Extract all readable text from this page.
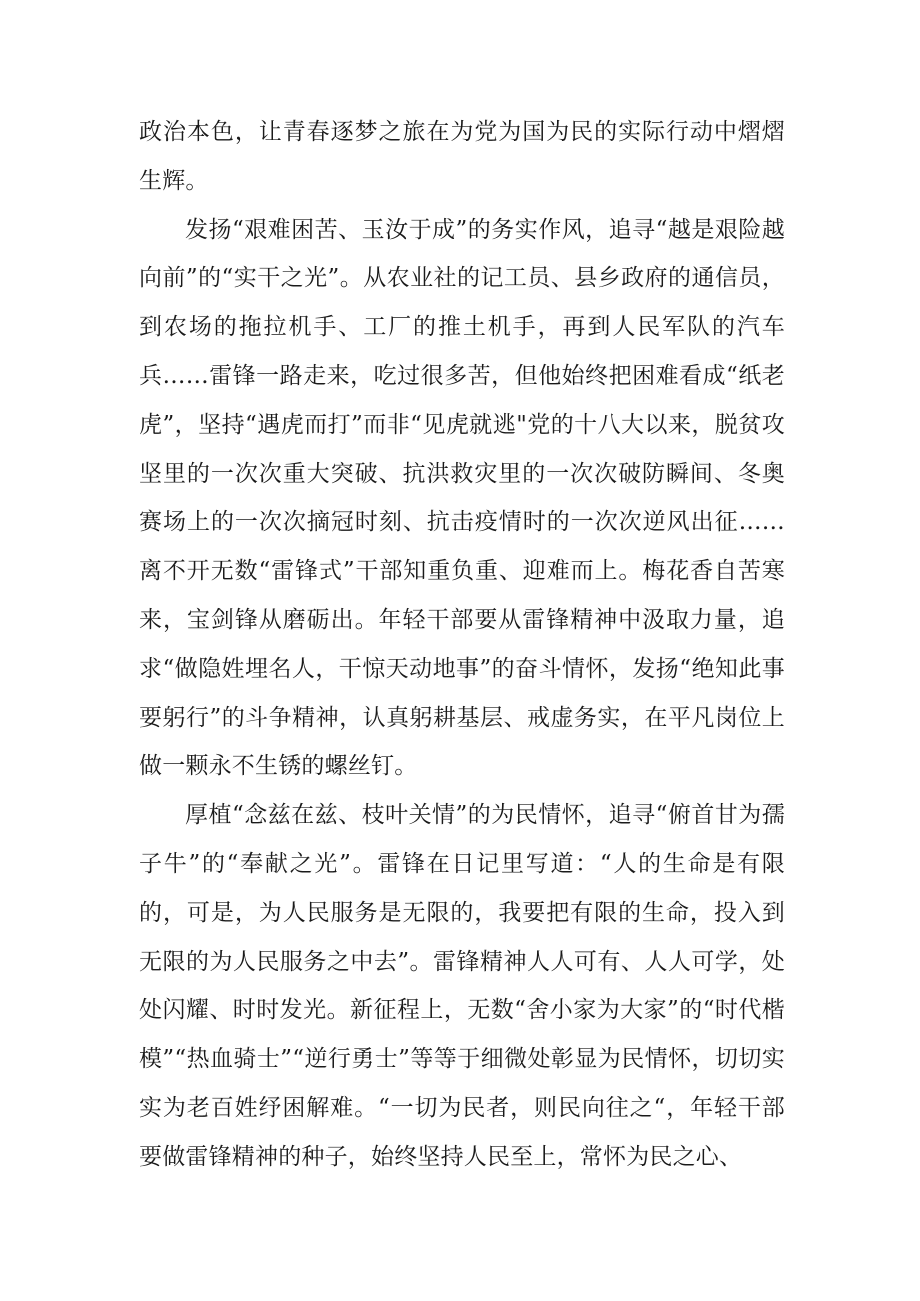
政治本色，让青春逐梦之旅在为党为国为民的实际行动中熠熠生辉。

发扬“艰难困苦、玉汝于成”的务实作风，追寻“越是艰险越向前”的“实干之光”。从农业社的记工员、县乡政府的通信员，到农场的拖拉机手、工厂的推土机手，再到人民军队的汽车兵……雷锋一路走来，吃过很多苦，但他始终把困难看成“纸老虎”，坚持“遇虎而打”而非“见虎就逃"党的十八大以来，脱贫攻坚里的一次次重大突破、抗洪救灾里的一次次破防瞬间、冬奥赛场上的一次次摘冠时刻、抗击疫情时的一次次逆风出征……离不开无数“雷锋式”干部知重负重、迎难而上。梅花香自苦寒来，宝剑锋从磨砺出。年轻干部要从雷锋精神中汲取力量，追求“做隐姓埋名人，干惊天动地事”的奋斗情怀，发扬“绝知此事要躬行”的斗争精神，认真躬耕基层、戒虚务实，在平凡岗位上做一颗永不生锈的螺丝钉。

厚植“念兹在兹、枝叶关情”的为民情怀，追寻“俯首甘为孺子牛”的“奉献之光”。雷锋在日记里写道：“人的生命是有限的，可是，为人民服务是无限的，我要把有限的生命，投入到无限的为人民服务之中去”。雷锋精神人人可有、人人可学，处处闪耀、时时发光。新征程上，无数“舍小家为大家”的“时代楷模”“热血骑士”“逆行勇士”等等于细微处彰显为民情怀，切切实实为老百姓纾困解难。“一切为民者，则民向往之“，年轻干部要做雷锋精神的种子，始终坚持人民至上，常怀为民之心、
